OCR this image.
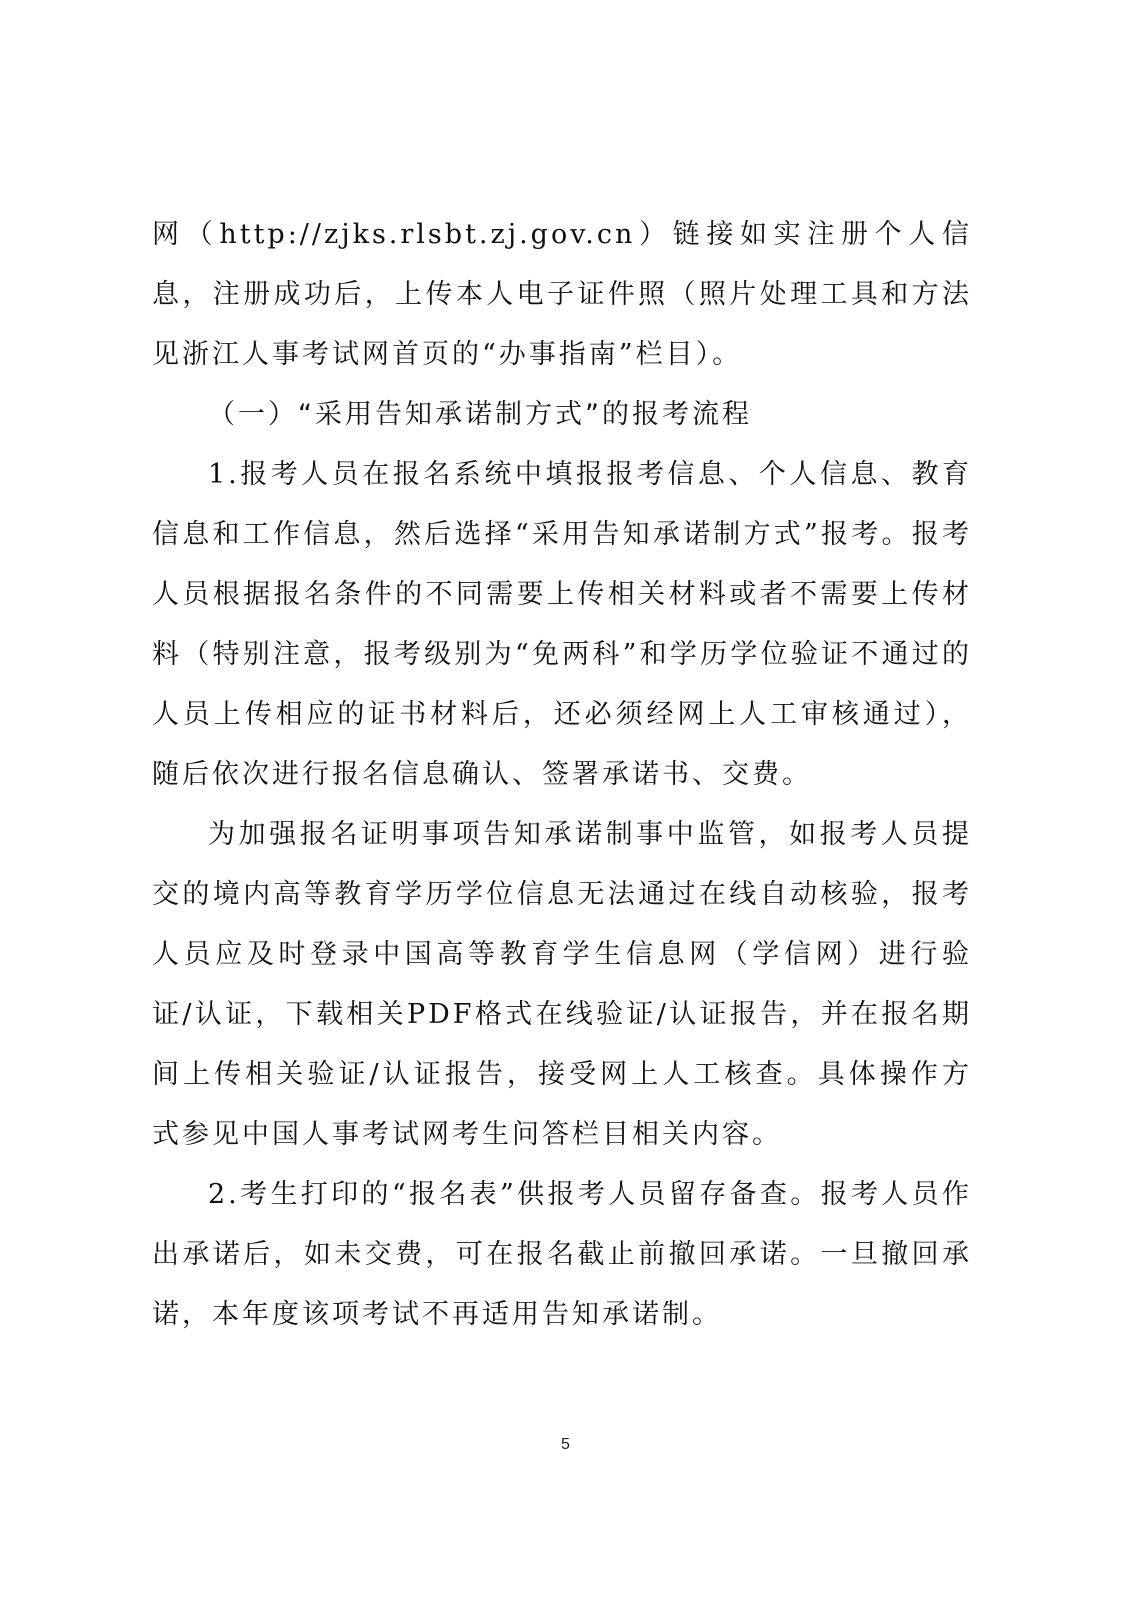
网（http://zjks.rlsbt.zj.gov.cn）链接如实注册个人信息，注册成功后，上传本人电子证件照（照片处理工具和方法见浙江人事考试网首页的“办事指南”栏目）。

（一）“采用告知承诺制方式”的报考流程

1.报考人员在报名系统中填报报考信息、个人信息、教育信息和工作信息，然后选择“采用告知承诺制方式”报考。报考人员根据报名条件的不同需要上传相关材料或者不需要上传材料（特别注意，报考级别为“免两科”和学历学位验证不通过的人员上传相应的证书材料后，还必须经网上人工审核通过），随后依次进行报名信息确认、签署承诺书、交费。

为加强报名证明事项告知承诺制事中监管，如报考人员提交的境内高等教育学历学位信息无法通过在线自动核验，报考人员应及时登录中国高等教育学生信息网（学信网）进行验证/认证，下载相关PDF格式在线验证/认证报告，并在报名期间上传相关验证/认证报告，接受网上人工核查。具体操作方式参见中国人事考试网考生问答栏目相关内容。

2.考生打印的“报名表”供报考人员留存备查。报考人员作出承诺后，如未交费，可在报名截止前撤回承诺。一旦撤回承诺，本年度该项考试不再适用告知承诺制。

5
